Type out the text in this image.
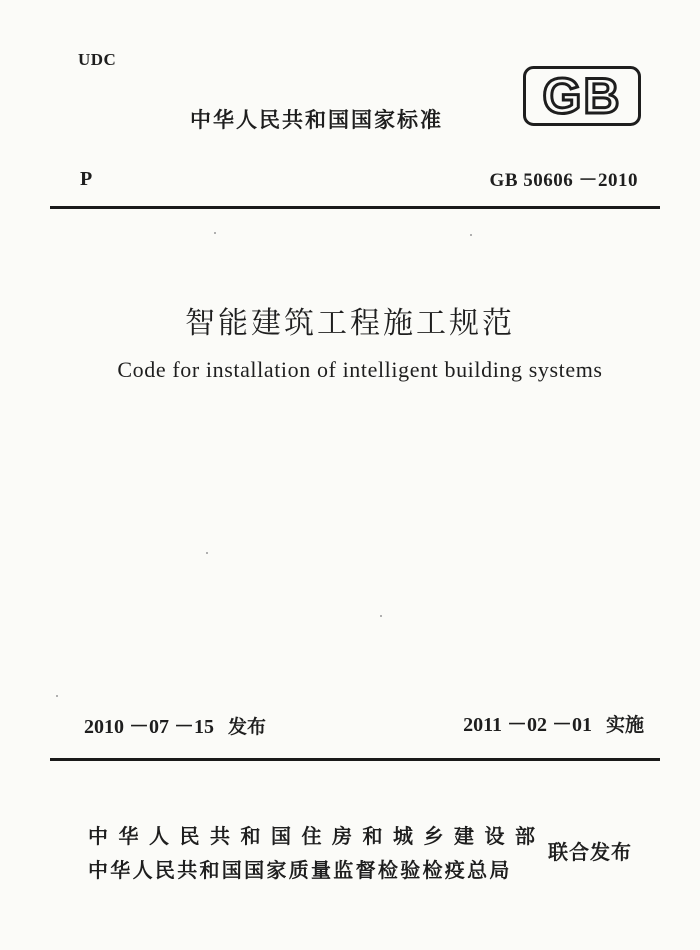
UDC
中华人民共和国国家标准 GB
P	GB 50606 －2010
智能建筑工程施工规范
Code for installation of intelligent building systems
2010 －07 －15 发布	2011 －02 －01 实施
中华人民共和国住房和城乡建设部
中华人民共和国国家质量监督检验检疫总局
联合发布
